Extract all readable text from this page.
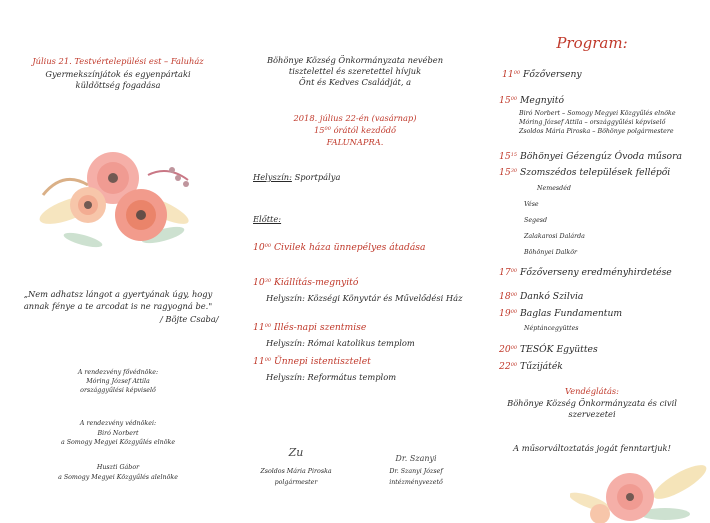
Július 21. Testvértelepülési est – Faluház
Gyermekszínjátok és egyenpártaki
küldöttség fogadása
„Nem adhatsz lángot a gyertyának úgy, hogy
annak fénye a te arcodat is ne ragyogná be."
/ Böjte Csaba/
A rendezvény fővédnöke:
Móring József Attila
országgyűlési képviselő
A rendezvény védnökei:
Biró Norbert
a Somogy Megyei Közgyűlés elnöke
Huszti Gábor
a Somogy Megyei Közgyűlés alelnöke
Böhönye Község Önkormányzata nevében
tisztelettel és szeretettel hívjuk
Önt és Kedves Családját, a
2018. július 22-én (vasárnap)
$15^{00}$ órától kezdődő
FALUNAPRA.
Helyszín: Sportpálya
Előtte:
$10^{00}$ Civilek háza ünnepélyes átadása
$10^{30}$ Kiállítás-megnyitó
Helyszín: Községi Könyvtár és Művelődési Ház
$11^{00}$ Illés-napi szentmise
Helyszín: Római katolikus templom
$11^{00}$ Ünnepi istentisztelet
Helyszín: Református templom
Zu
Zsoldos Mária Piroska
polgármester
Dr. Szanyi
Dr. Szanyi József
intézményvezető
Program:
$11^{00}$ Főzőverseny
$15^{00}$ Megnyitó
Biró Norbert – Somogy Megyei Közgyűlés elnöke
Móring József Attila – országgyűlési képviselő
Zsoldos Mária Piroska – Böhönye polgármestere
$15^{15}$ Böhönyei Gézengúz Óvoda műsora
$15^{30}$ Szomszédos települések fellépői
Nemesdéd
Vése
Segesd
Zalakarosi Dalárda
Böhönyei Dalkör
$17^{00}$ Főzőverseny eredményhirdetése
$18^{00}$ Dankó Szilvia
$19^{00}$ Baglas Fundamentum
Néptáncegyüttes
$20^{00}$ TESÓK Együttes
$22^{00}$ Tűzijáték
Vendéglátás:
Böhönye Község Önkormányzata és civil
szervezetei
A műsorváltoztatás jogát fenntartjuk!
